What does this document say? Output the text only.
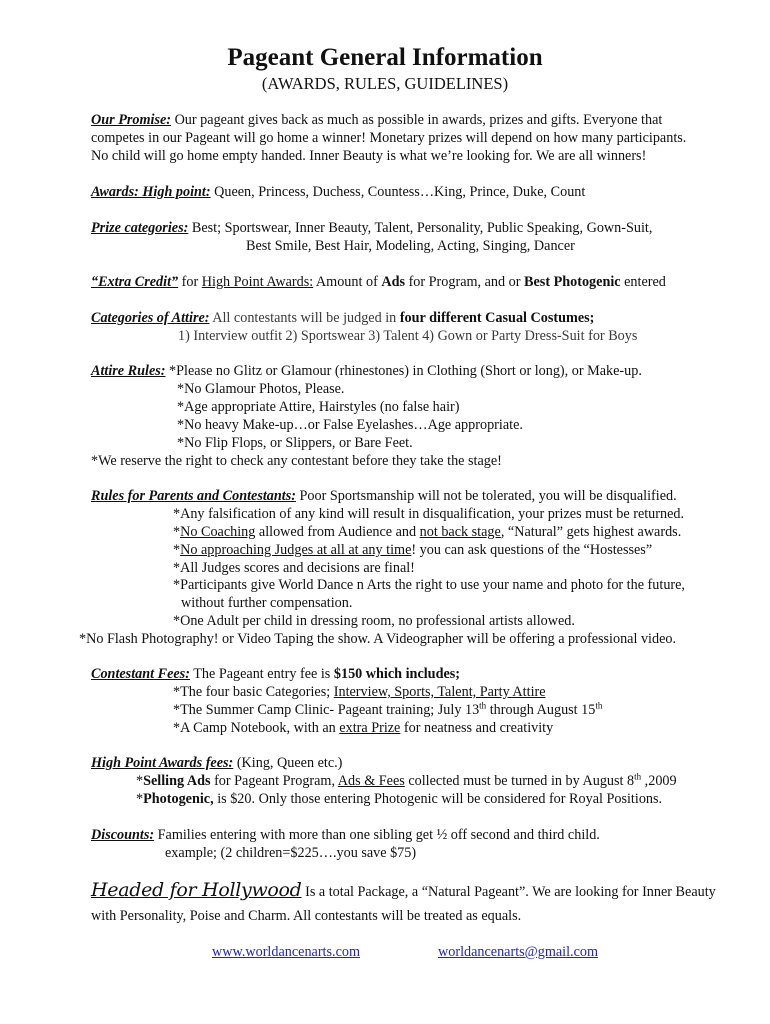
Pageant General Information
(AWARDS, RULES, GUIDELINES)
Our Promise: Our pageant gives back as much as possible in awards, prizes and gifts. Everyone that
competes in our Pageant will go home a winner! Monetary prizes will depend on how many participants.
No child will go home empty handed. Inner Beauty is what we’re looking for. We are all winners!
Awards: High point: Queen, Princess, Duchess, Countess…King, Prince, Duke, Count
Prize categories: Best; Sportswear, Inner Beauty, Talent, Personality, Public Speaking, Gown-Suit,
Best Smile, Best Hair, Modeling, Acting, Singing, Dancer
“Extra Credit” for High Point Awards: Amount of Ads for Program, and or Best Photogenic entered
Categories of Attire: All contestants will be judged in four different Casual Costumes;
1) Interview outfit 2) Sportswear 3) Talent 4) Gown or Party Dress-Suit for Boys
Attire Rules: *Please no Glitz or Glamour (rhinestones) in Clothing (Short or long), or Make-up.
*No Glamour Photos, Please.
*Age appropriate Attire, Hairstyles (no false hair)
*No heavy Make-up…or False Eyelashes…Age appropriate.
*No Flip Flops, or Slippers, or Bare Feet.
*We reserve the right to check any contestant before they take the stage!
Rules for Parents and Contestants: Poor Sportsmanship will not be tolerated, you will be disqualified.
*Any falsification of any kind will result in disqualification, your prizes must be returned.
*No Coaching allowed from Audience and not back stage, “Natural” gets highest awards.
*No approaching Judges at all at any time! you can ask questions of the “Hostesses”
*All Judges scores and decisions are final!
*Participants give World Dance n Arts the right to use your name and photo for the future,
without further compensation.
*One Adult per child in dressing room, no professional artists allowed.
*No Flash Photography! or Video Taping the show. A Videographer will be offering a professional video.
Contestant Fees: The Pageant entry fee is $150 which includes;
*The four basic Categories; Interview, Sports, Talent, Party Attire
*The Summer Camp Clinic- Pageant training; July 13th through August 15th
*A Camp Notebook, with an extra Prize for neatness and creativity
High Point Awards fees: (King, Queen etc.)
*Selling Ads for Pageant Program, Ads & Fees collected must be turned in by August 8th ,2009
*Photogenic, is $20. Only those entering Photogenic will be considered for Royal Positions.
Discounts: Families entering with more than one sibling get ½ off second and third child.
example; (2 children=$225….you save $75)
Headed for Hollywood Is a total Package, a “Natural Pageant”. We are looking for Inner Beauty
with Personality, Poise and Charm. All contestants will be treated as equals.
www.worldancenarts.com	worldancenarts@gmail.com
